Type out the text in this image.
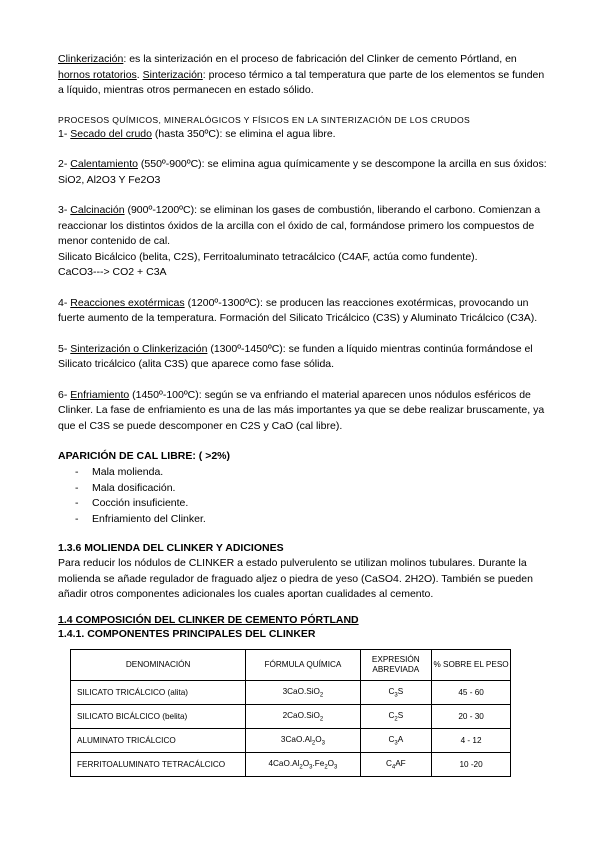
Clinkerización: es la sinterización en el proceso de fabricación del Clinker de cemento Pórtland, en hornos rotatorios. Sinterización: proceso térmico a tal temperatura que parte de los elementos se funden a líquido, mientras otros permanecen en estado sólido.

PROCESOS QUÍMICOS, MINERALÓGICOS Y FÍSICOS EN LA SINTERIZACIÓN DE LOS CRUDOS

1- Secado del crudo (hasta 350ºC): se elimina el agua libre.

2- Calentamiento (550º-900ºC): se elimina agua químicamente y se descompone la arcilla en sus óxidos: SiO2, Al2O3 Y Fe2O3

3- Calcinación (900º-1200ºC): se eliminan los gases de combustión, liberando el carbono. Comienzan a reaccionar los distintos óxidos de la arcilla con el óxido de cal, formándose primero los compuestos de menor contenido de cal.

Silicato Bicálcico (belita, C2S), Ferritoaluminato tetracálcico (C4AF, actúa como fundente).

CaCO3---> CO2 + C3A

4- Reacciones exotérmicas (1200º-1300ºC): se producen las reacciones exotérmicas, provocando un fuerte aumento de la temperatura. Formación del Silicato Tricálcico (C3S) y Aluminato Tricálcico (C3A).

5- Sinterización o Clinkerización (1300º-1450ºC): se funden a líquido mientras continúa formándose el Silicato tricálcico (alita C3S) que aparece como fase sólida.

6- Enfriamiento (1450º-100ºC): según se va enfriando el material aparecen unos nódulos esféricos de Clinker. La fase de enfriamiento es una de las más importantes ya que se debe realizar bruscamente, ya que el C3S se puede descomponer en C2S y CaO (cal libre).

APARICIÓN DE CAL LIBRE: ( >2%)
- Mala molienda.
- Mala dosificación.
- Cocción insuficiente.
- Enfriamiento del Clinker.
1.3.6 MOLIENDA DEL CLINKER Y ADICIONES

Para reducir los nódulos de CLINKER a estado pulverulento se utilizan molinos tubulares. Durante la molienda se añade regulador de fraguado aljez o piedra de yeso (CaSO4. 2H2O). También se pueden añadir otros componentes adicionales los cuales aportan cualidades al cemento.

1.4 COMPOSICIÓN DEL CLINKER DE CEMENTO PÓRTLAND

1.4.1. COMPONENTES PRINCIPALES DEL CLINKER

DENOMINACIÓN	FÓRMULA QUÍMICA	EXPRESIÓN ABREVIADA	% SOBRE EL PESO
SILICATO TRICÁLCICO (alita)	3CaO.SiO$_2$	$C_3S$	45 - 60
SILICATO BICÁLCICO (belita)	2CaO.SiO$_2$	$C_2S$	20 - 30
ALUMINATO TRICÁLCICO	$3CaO.Al_2O_3$	$C_3A$	4 - 12
FERRITOALUMINATO TETRACÁLCICO	$4CaO.Al_2O_3.Fe_2O_3$	$C_4AF$	10 -20
